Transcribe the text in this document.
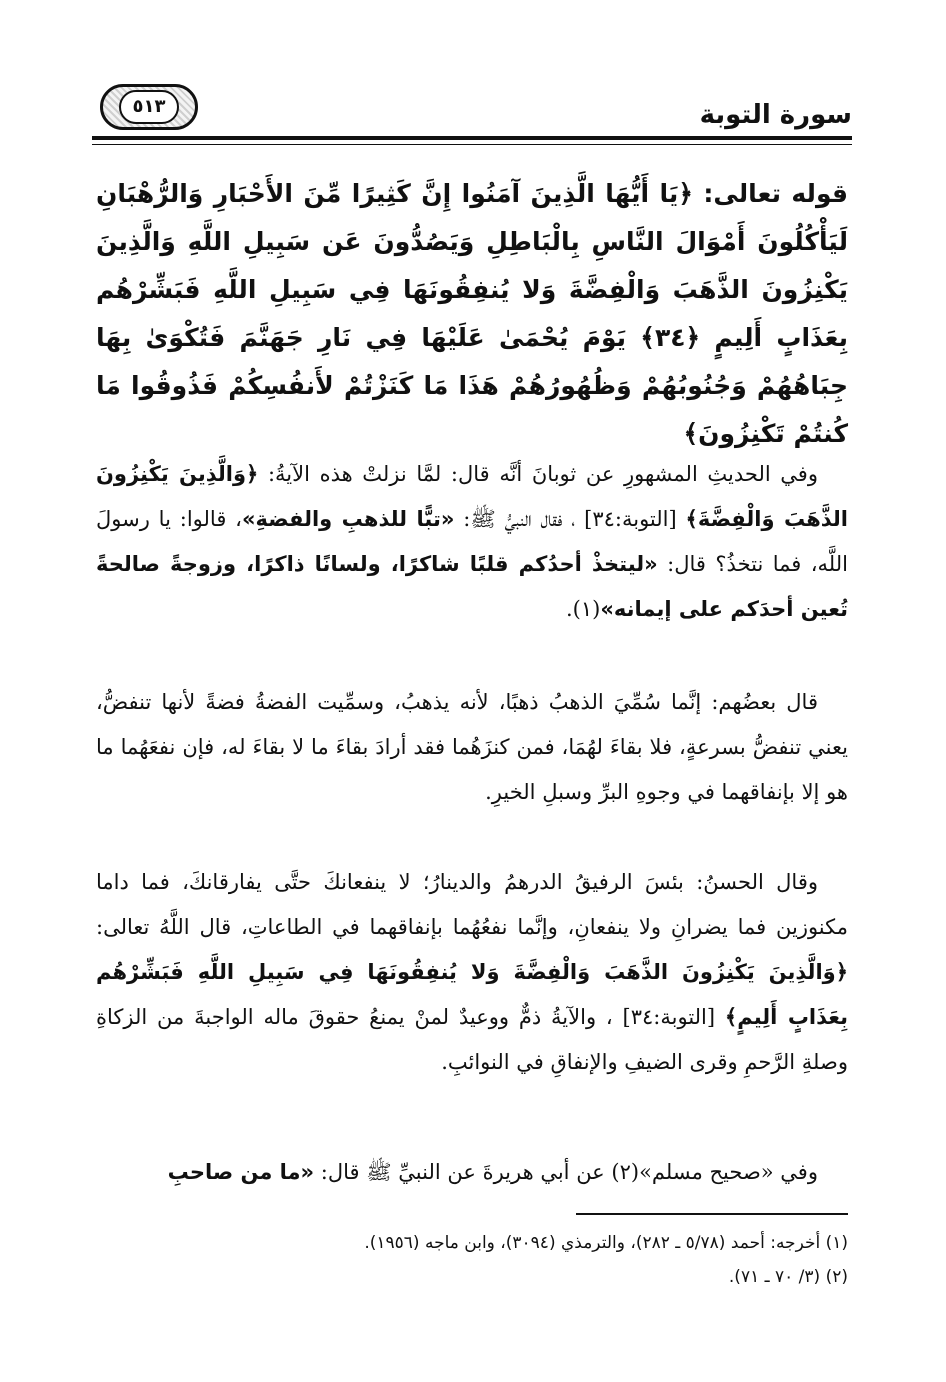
٥١٣	سورة التوبة
قوله تعالى: ﴿يَا أَيُّهَا الَّذِينَ آمَنُوا إِنَّ كَثِيرًا مِّنَ الأَحْبَارِ وَالرُّهْبَانِ لَيَأْكُلُونَ أَمْوَالَ النَّاسِ بِالْبَاطِلِ وَيَصُدُّونَ عَن سَبِيلِ اللَّهِ وَالَّذِينَ يَكْنِزُونَ الذَّهَبَ وَالْفِضَّةَ وَلا يُنفِقُونَهَا فِي سَبِيلِ اللَّهِ فَبَشِّرْهُم بِعَذَابٍ أَلِيمٍ ﴿٣٤﴾ يَوْمَ يُحْمَىٰ عَلَيْهَا فِي نَارِ جَهَنَّمَ فَتُكْوَىٰ بِهَا جِبَاهُهُمْ وَجُنُوبُهُمْ وَظُهُورُهُمْ هَذَا مَا كَنَزْتُمْ لأَنفُسِكُمْ فَذُوقُوا مَا كُنتُمْ تَكْنِزُونَ﴾

وفي الحديثِ المشهورِ عن ثوبانَ أنَّه قال: لمَّا نزلتْ هذه الآيةُ: ﴿وَالَّذِينَ يَكْنِزُونَ الذَّهَبَ وَالْفِضَّةَ﴾ [التوبة:٣٤] ، فقال النبيُّ ﷺ: «تبًّا للذهبِ والفضةِ»، قالوا: يا رسولَ اللَّه، فما نتخذُ؟ قال: «ليتخذْ أحدُكم قلبًا شاكرًا، ولسانًا ذاكرًا، وزوجةً صالحةً تُعين أحدَكم على إيمانه»(١).

قال بعضُهم: إنَّما سُمِّيَ الذهبُ ذهبًا، لأنه يذهبُ، وسمِّيت الفضةُ فضةً لأنها تنفضُّ، يعني تنفضُّ بسرعةٍ، فلا بقاءَ لهُمَا، فمن كنزَهُما فقد أرادَ بقاءَ ما لا بقاءَ له، فإن نفعَهُما ما هو إلا بإنفاقهما في وجوهِ البرِّ وسبلِ الخيرِ.

وقال الحسنُ: بئسَ الرفيقُ الدرهمُ والدينارُ؛ لا ينفعانكَ حتَّى يفارقانكَ، فما داما مكنوزين فما يضرانِ ولا ينفعانِ، وإنَّما نفعُهُما بإنفاقهما في الطاعاتِ، قال اللَّهُ تعالى: ﴿وَالَّذِينَ يَكْنِزُونَ الذَّهَبَ وَالْفِضَّةَ وَلا يُنفِقُونَهَا فِي سَبِيلِ اللَّهِ فَبَشِّرْهُم بِعَذَابٍ أَلِيمٍ﴾ [التوبة:٣٤] ، والآيةُ ذمٌّ ووعيدٌ لمنْ يمنعُ حقوقَ ماله الواجبةَ من الزكاةِ وصلةِ الرَّحمِ وقرى الضيفِ والإنفاقِ في النوائبِ.

وفي «صحيح مسلم»(٢) عن أبي هريرةَ عن النبيِّ ﷺ قال: «ما من صاحبِ

(١) أخرجه: أحمد (٥/٧٨ ـ ٢٨٢)، والترمذي (٣٠٩٤)، وابن ماجه (١٩٥٦).
(٢) (٣/ ٧٠ ـ ٧١).
